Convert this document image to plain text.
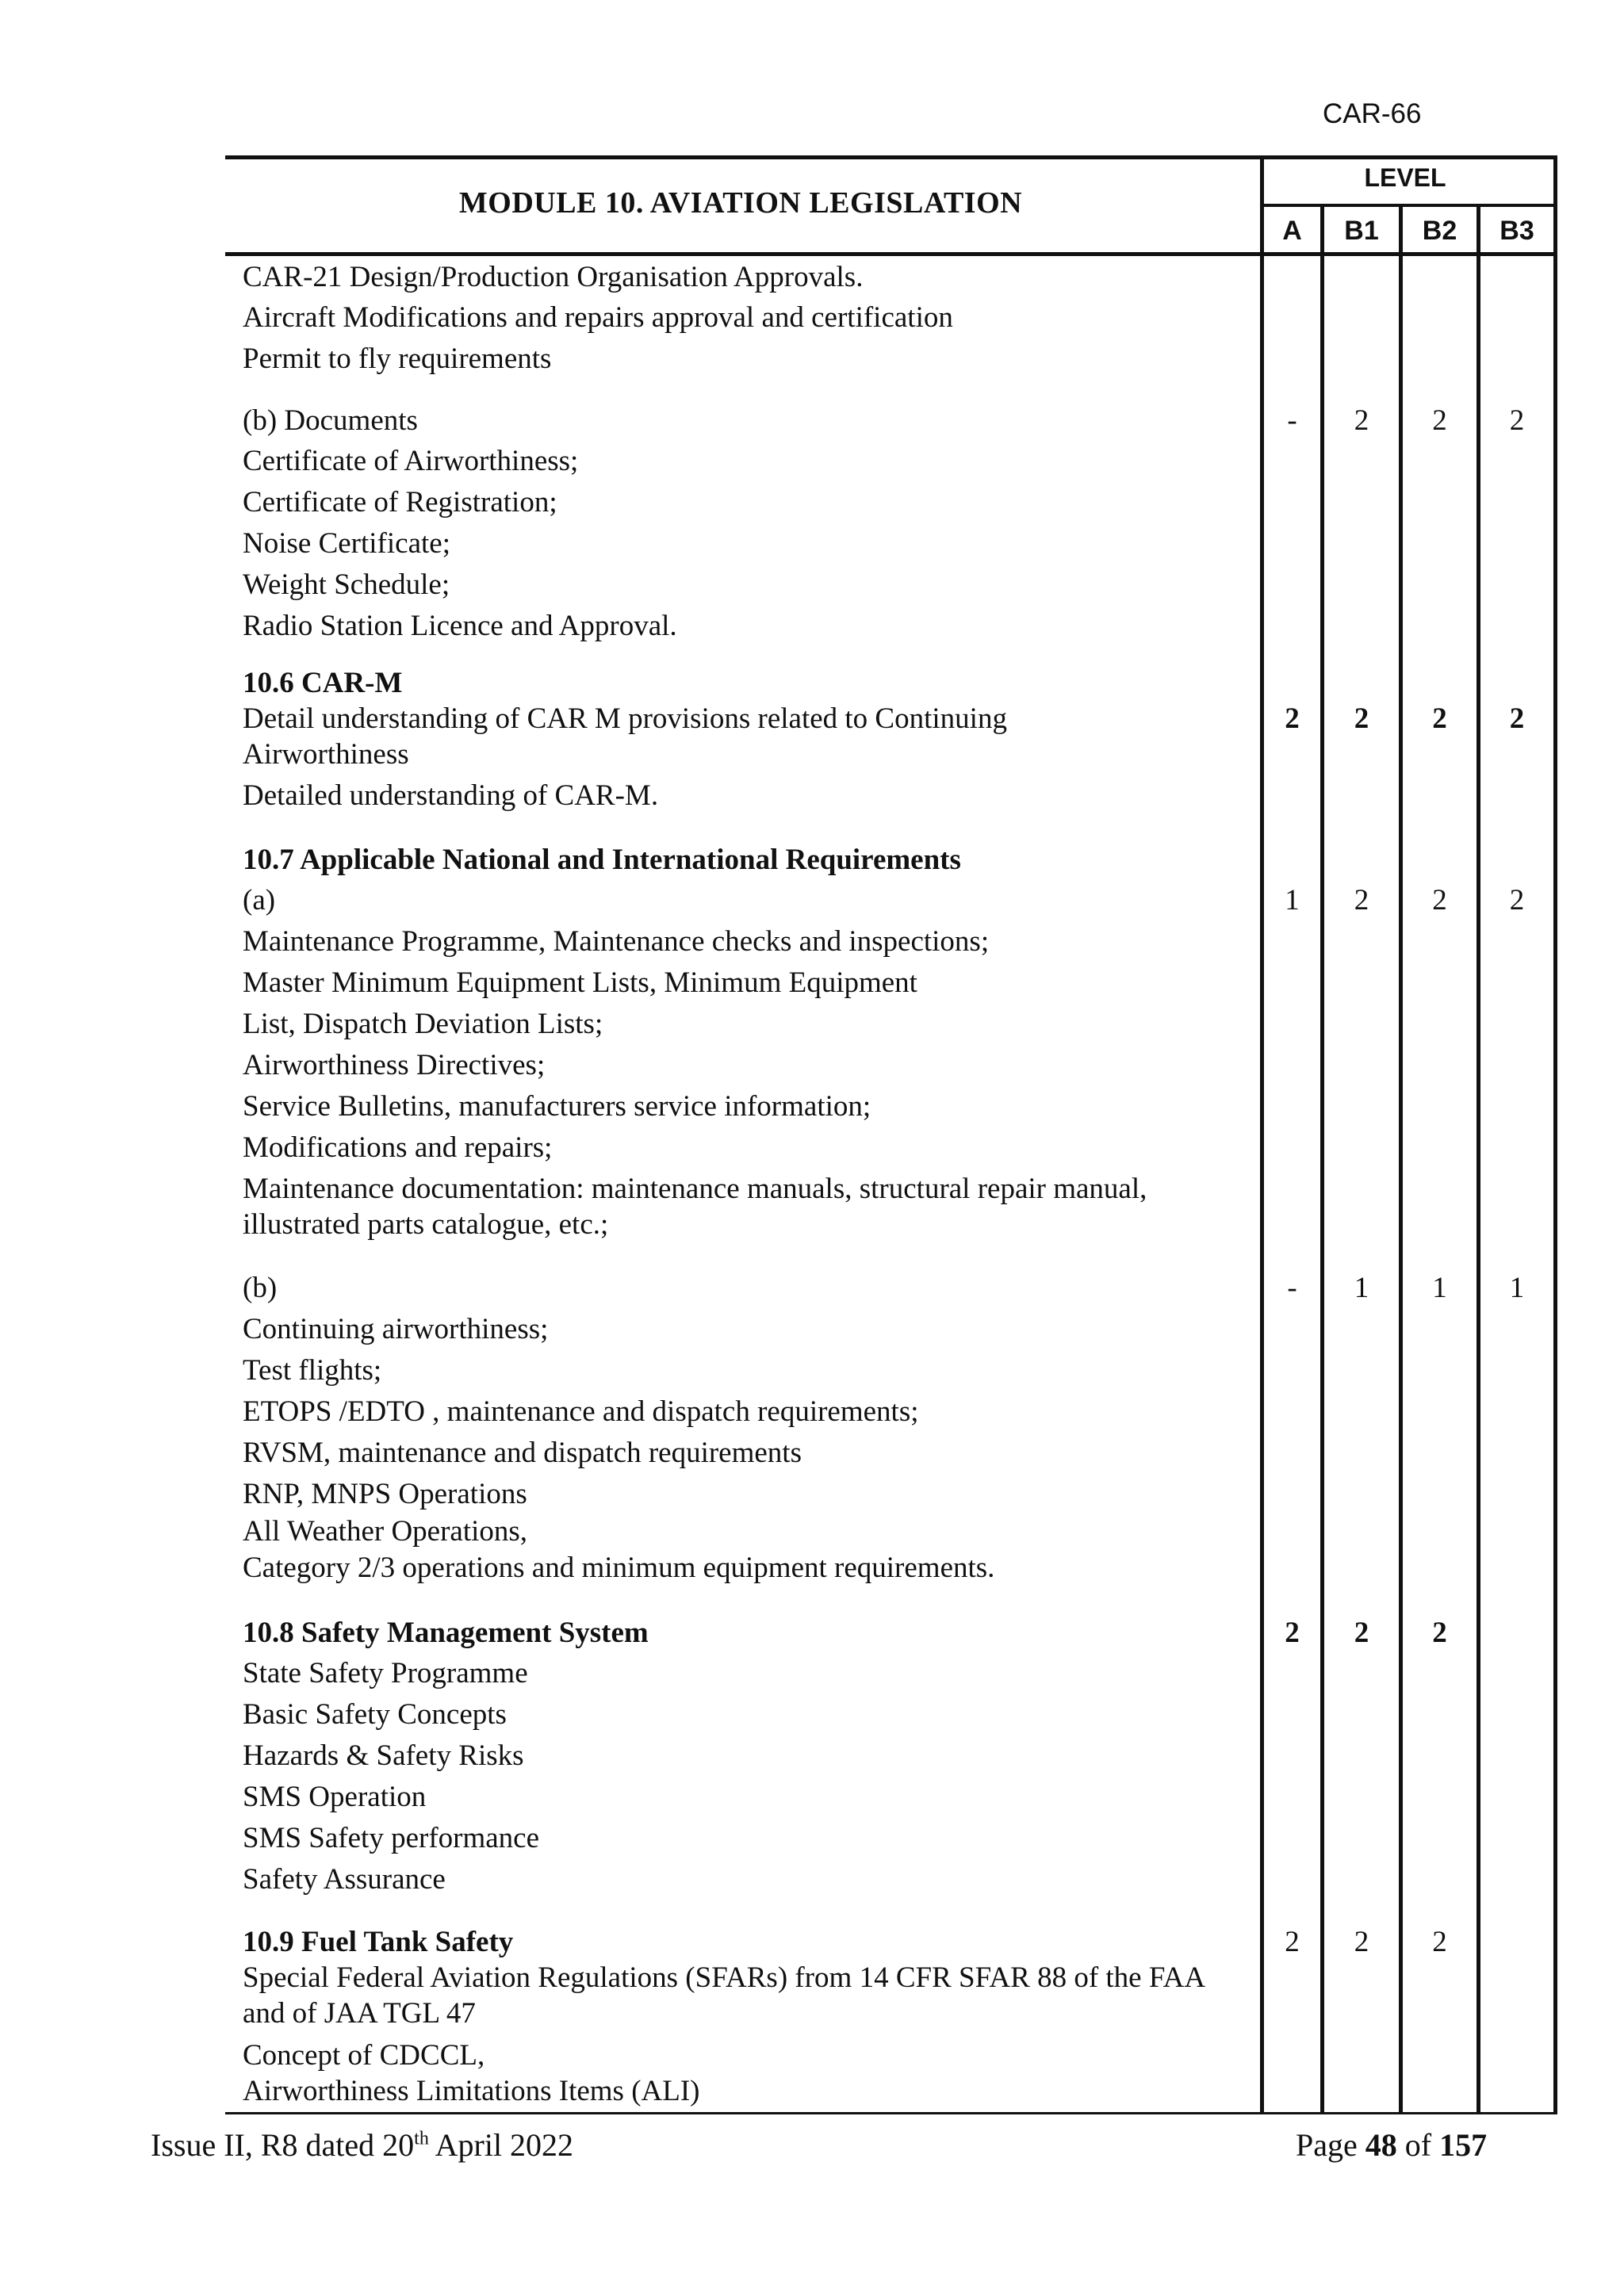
CAR-66
MODULE 10. AVIATION LEGISLATION
LEVEL
A	B1	B2	B3
CAR-21 Design/Production Organisation Approvals.
Aircraft Modifications and repairs approval and certification
Permit to fly requirements
(b) Documents
Certificate of Airworthiness;
Certificate of Registration;
Noise Certificate;
Weight Schedule;
Radio Station Licence and Approval.
-	2	2	2
10.6 CAR-M
Detail understanding of CAR M provisions related to Continuing
Airworthiness
Detailed understanding of CAR-M.
2	2	2	2
10.7 Applicable National and International Requirements
(a)
Maintenance Programme, Maintenance checks and inspections;
Master Minimum Equipment Lists, Minimum Equipment
List, Dispatch Deviation Lists;
Airworthiness Directives;
Service Bulletins, manufacturers service information;
Modifications and repairs;
Maintenance documentation: maintenance manuals, structural repair manual,
illustrated parts catalogue, etc.;
1	2	2	2
(b)
Continuing airworthiness;
Test flights;
ETOPS /EDTO , maintenance and dispatch requirements;
RVSM, maintenance and dispatch requirements
RNP, MNPS Operations
All Weather Operations,
Category 2/3 operations and minimum equipment requirements.
-	1	1	1
10.8 Safety Management System
State Safety Programme
Basic Safety Concepts
Hazards & Safety Risks
SMS Operation
SMS Safety performance
Safety Assurance
2	2	2
10.9 Fuel Tank Safety
Special Federal Aviation Regulations (SFARs) from 14 CFR SFAR 88 of the FAA
and of JAA TGL 47
Concept of CDCCL,
Airworthiness Limitations Items (ALI)
2	2	2
Issue II, R8 dated 20th April 2022	Page 48 of 157
